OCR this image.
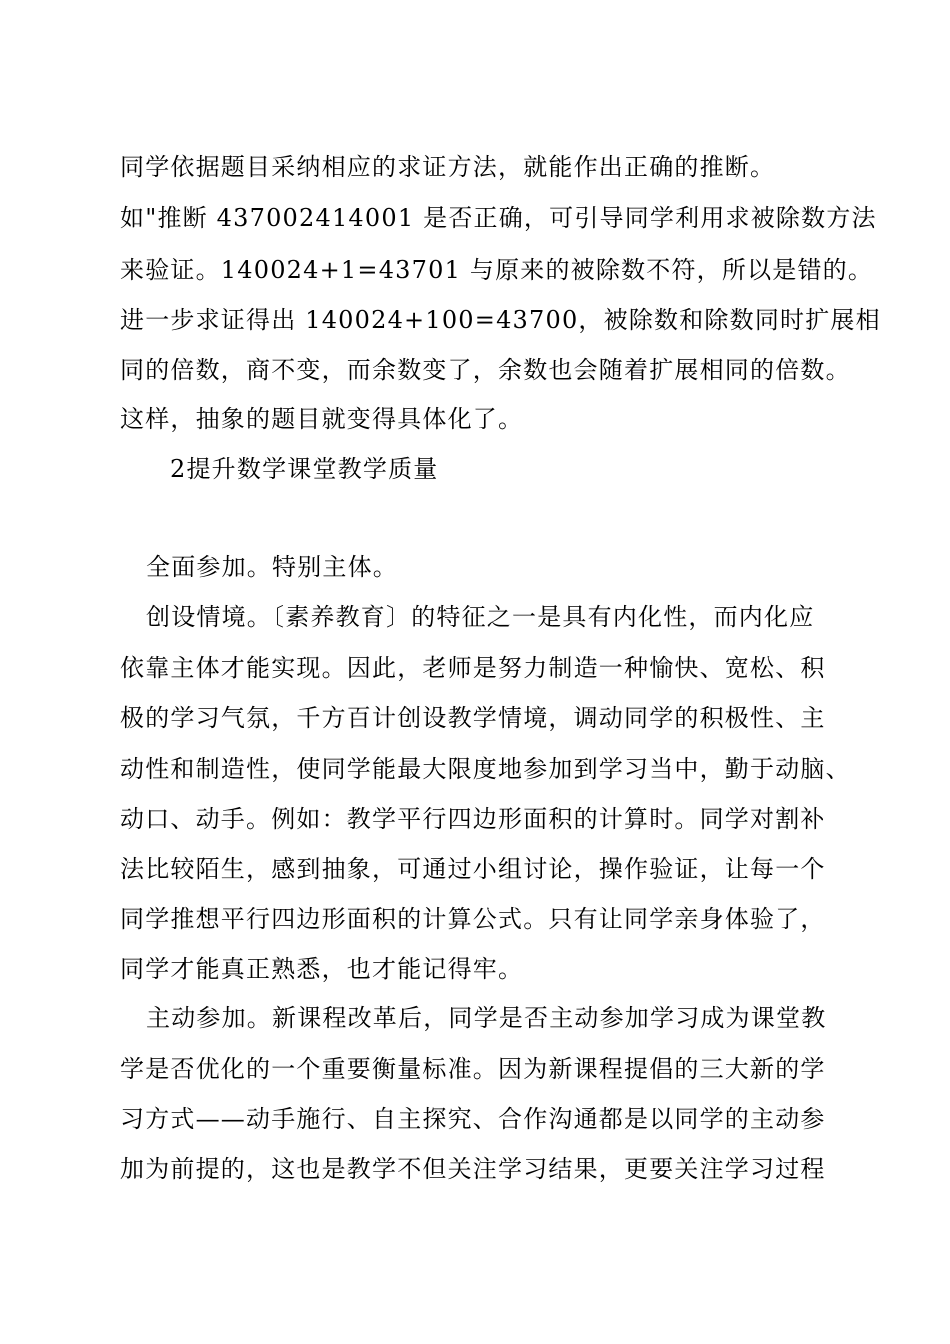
同学依据题目采纳相应的求证方法，就能作出正确的推断。
如"推断 437002414001 是否正确，可引导同学利用求被除数方法
来验证。140024+1=43701 与原来的被除数不符，所以是错的。
进一步求证得出 140024+100=43700，被除数和除数同时扩展相
同的倍数，商不变，而余数变了，余数也会随着扩展相同的倍数。
这样，抽象的题目就变得具体化了。
2提升数学课堂教学质量
全面参加。特别主体。
创设情境。〔素养教育〕的特征之一是具有内化性，而内化应
依靠主体才能实现。因此，老师是努力制造一种愉快、宽松、积
极的学习气氛，千方百计创设教学情境，调动同学的积极性、主
动性和制造性，使同学能最大限度地参加到学习当中，勤于动脑、
动口、动手。例如：教学平行四边形面积的计算时。同学对割补
法比较陌生，感到抽象，可通过小组讨论，操作验证，让每一个
同学推想平行四边形面积的计算公式。只有让同学亲身体验了，
同学才能真正熟悉，也才能记得牢。
主动参加。新课程改革后，同学是否主动参加学习成为课堂教
学是否优化的一个重要衡量标准。因为新课程提倡的三大新的学
习方式——动手施行、自主探究、合作沟通都是以同学的主动参
加为前提的，这也是教学不但关注学习结果，更要关注学习过程
